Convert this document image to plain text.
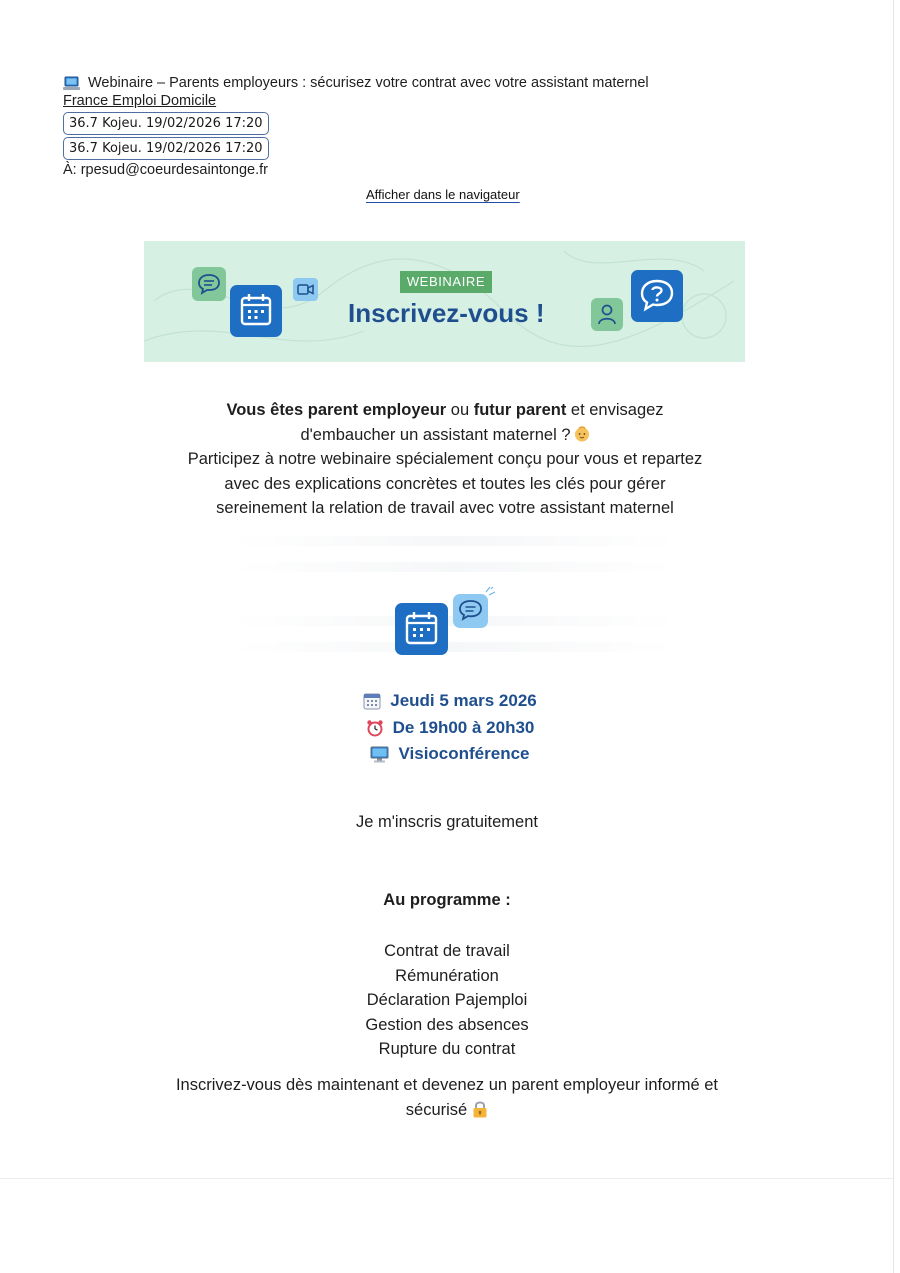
Webinaire – Parents employeurs : sécurisez votre contrat avec votre assistant maternel
France Emploi Domicile
36.7 Kojeu. 19/02/2026 17:20
36.7 Kojeu. 19/02/2026 17:20
À: rpesud@coeurdesaintonge.fr
Afficher dans le navigateur
WEBINAIRE
Inscrivez-vous !
Vous êtes parent employeur ou futur parent et envisagez
d'embaucher un assistant maternel ?
Participez à notre webinaire spécialement conçu pour vous et repartez
avec des explications concrètes et toutes les clés pour gérer
sereinement la relation de travail avec votre assistant maternel
Jeudi 5 mars 2026
De 19h00 à 20h30
Visioconférence
Je m'inscris gratuitement
Au programme :
Contrat de travail
Rémunération
Déclaration Pajemploi
Gestion des absences
Rupture du contrat
Inscrivez-vous dès maintenant et devenez un parent employeur informé et
sécurisé
